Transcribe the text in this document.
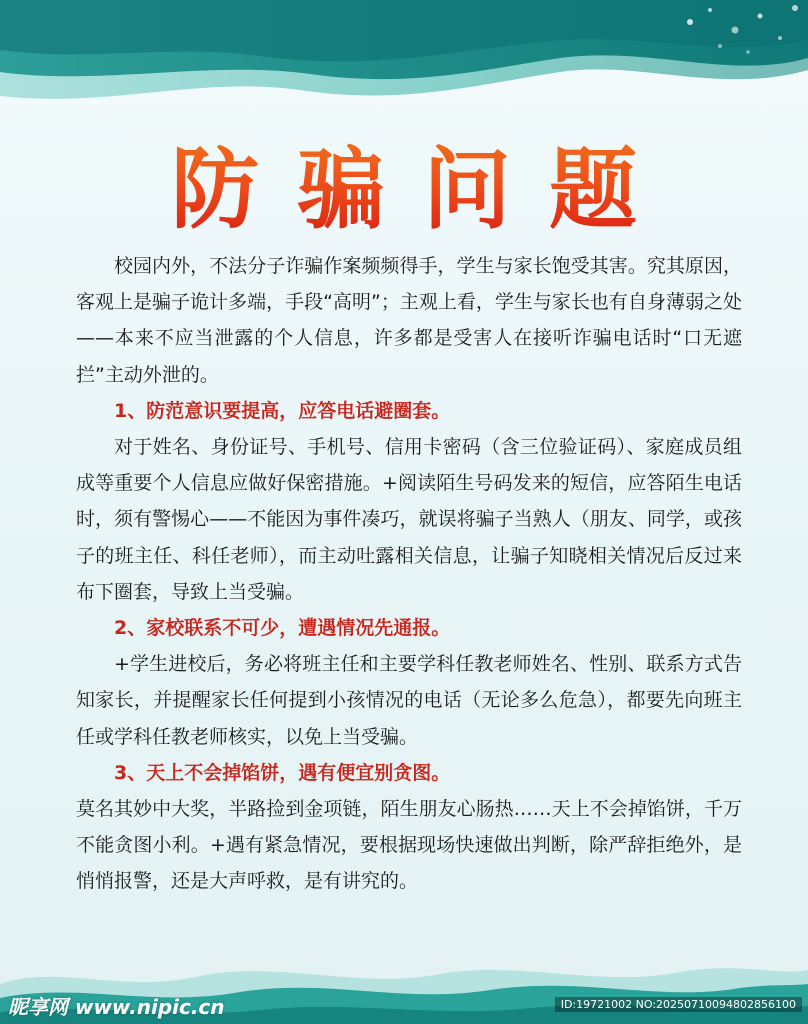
防骗问题

校园内外，不法分子诈骗作案频频得手，学生与家长饱受其害。究其原因，客观上是骗子诡计多端，手段“高明”；主观上看，学生与家长也有自身薄弱之处——本来不应当泄露的个人信息，许多都是受害人在接听诈骗电话时“口无遮拦”主动外泄的。

1、防范意识要提高，应答电话避圈套。

对于姓名、身份证号、手机号、信用卡密码（含三位验证码）、家庭成员组成等重要个人信息应做好保密措施。+阅读陌生号码发来的短信，应答陌生电话时，须有警惕心——不能因为事件凑巧，就误将骗子当熟人（朋友、同学，或孩子的班主任、科任老师），而主动吐露相关信息，让骗子知晓相关情况后反过来布下圈套，导致上当受骗。

2、家校联系不可少，遭遇情况先通报。

+学生进校后，务必将班主任和主要学科任教老师姓名、性别、联系方式告知家长，并提醒家长任何提到小孩情况的电话（无论多么危急），都要先向班主任或学科任教老师核实，以免上当受骗。

3、天上不会掉馅饼，遇有便宜别贪图。

莫名其妙中大奖，半路捡到金项链，陌生朋友心肠热……天上不会掉馅饼，千万不能贪图小利。+遇有紧急情况，要根据现场快速做出判断，除严辞拒绝外，是悄悄报警，还是大声呼救，是有讲究的。

昵享网 www.nipic.cn	ID:19721002 NO:20250710094802856100
